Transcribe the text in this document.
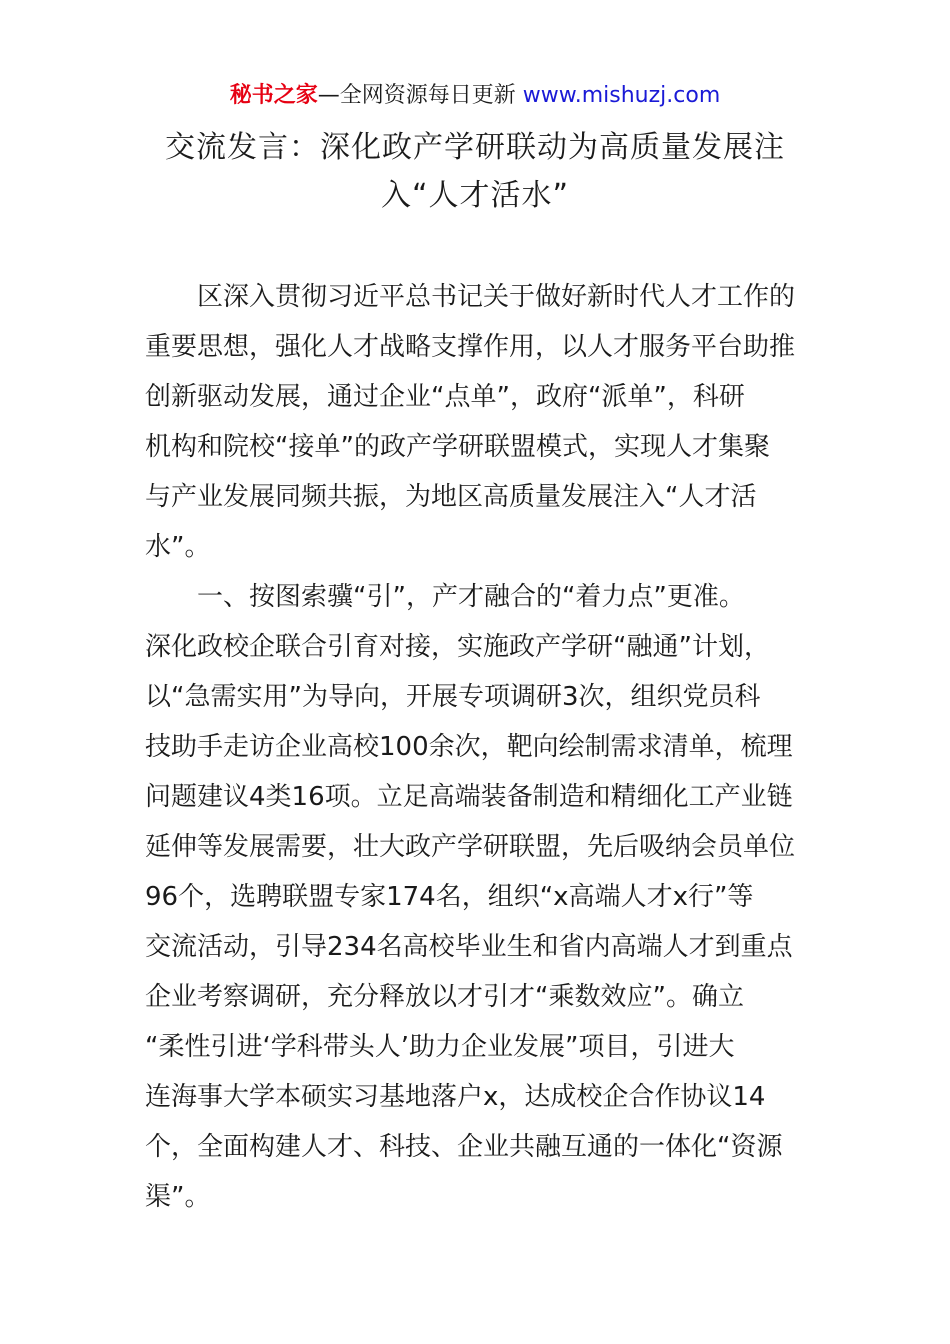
秘书之家—全网资源每日更新 www.mishuzj.com
交流发言：深化政产学研联动为高质量发展注
入“人才活水”

区深入贯彻习近平总书记关于做好新时代人才工作的
重要思想，强化人才战略支撑作用，以人才服务平台助推
创新驱动发展，通过企业“点单”，政府“派单”，科研
机构和院校“接单”的政产学研联盟模式，实现人才集聚
与产业发展同频共振，为地区高质量发展注入“人才活
水”。

一、按图索骥“引”，产才融合的“着力点”更准。
深化政校企联合引育对接，实施政产学研“融通”计划，
以“急需实用”为导向，开展专项调研3次，组织党员科
技助手走访企业高校100余次，靶向绘制需求清单，梳理
问题建议4类16项。立足高端装备制造和精细化工产业链
延伸等发展需要，壮大政产学研联盟，先后吸纳会员单位
96个，选聘联盟专家174名，组织“x高端人才x行”等
交流活动，引导234名高校毕业生和省内高端人才到重点
企业考察调研，充分释放以才引才“乘数效应”。确立
“柔性引进‘学科带头人’助力企业发展”项目，引进大
连海事大学本硕实习基地落户x，达成校企合作协议14
个，全面构建人才、科技、企业共融互通的一体化“资源
渠”。
